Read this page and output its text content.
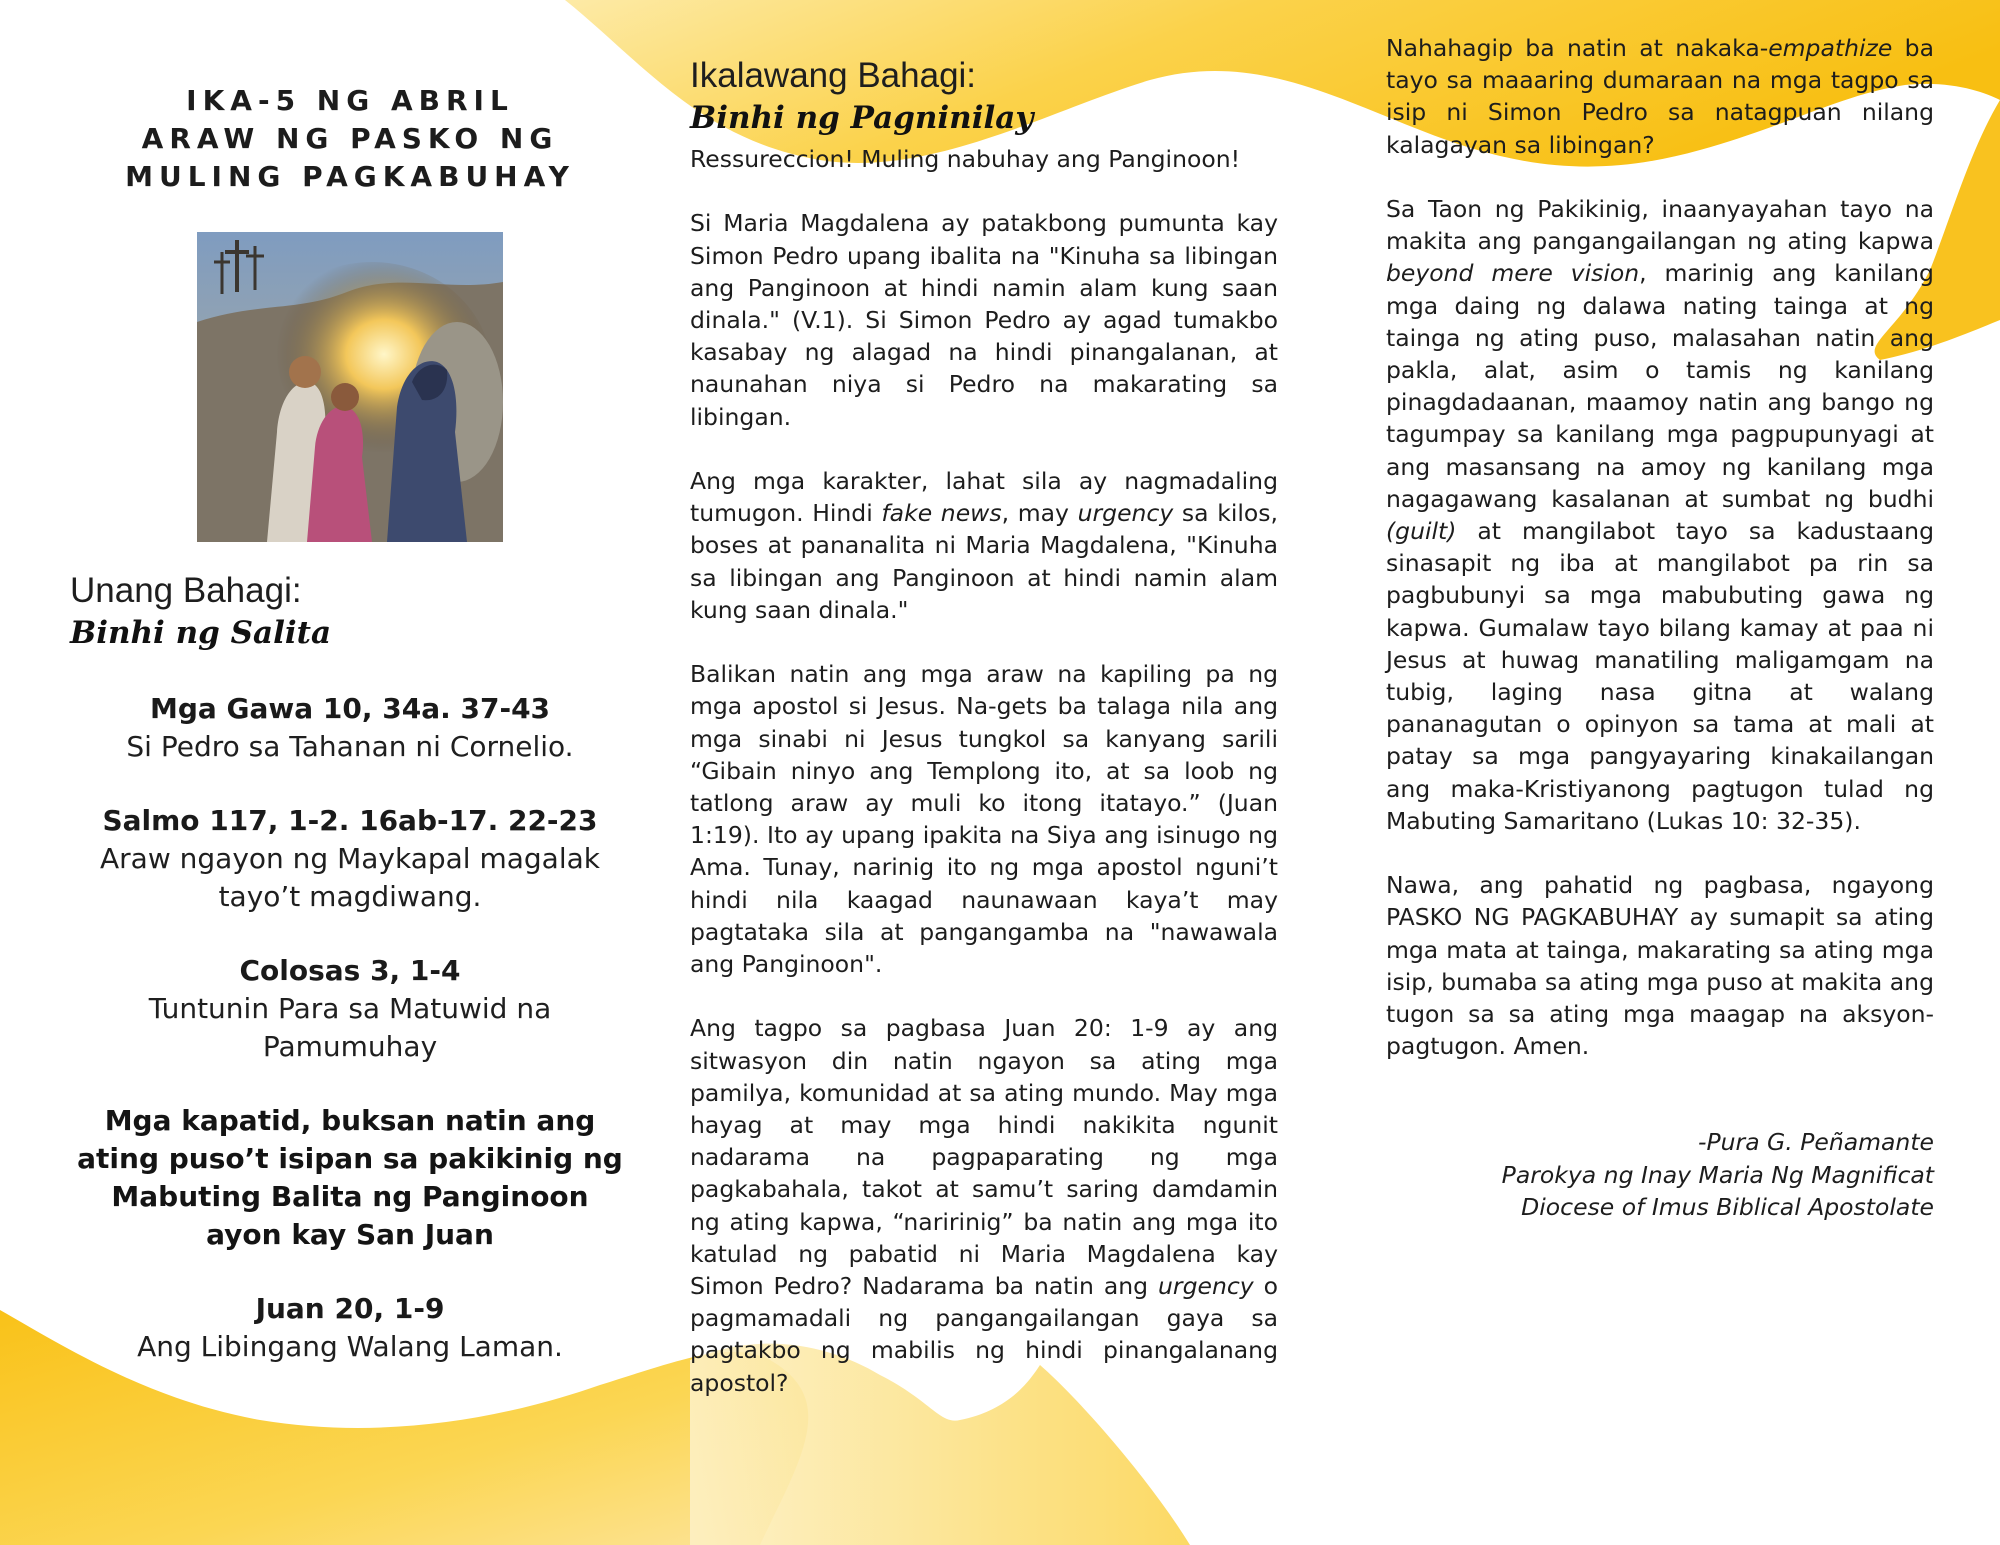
IKA-5 NG ABRIL
ARAW NG PASKO NG
MULING PAGKABUHAY
Unang Bahagi:
Binhi ng Salita
Mga Gawa 10, 34a. 37-43
Si Pedro sa Tahanan ni Cornelio.
Salmo 117, 1-2. 16ab-17. 22-23
Araw ngayon ng Maykapal magalak tayo’t magdiwang.
Colosas 3, 1-4
Tuntunin Para sa Matuwid na Pamumuhay
Mga kapatid, buksan natin ang ating puso’t isipan sa pakikinig ng Mabuting Balita ng Panginoon ayon kay San Juan
Juan 20, 1-9
Ang Libingang Walang Laman.
Ikalawang Bahagi:
Binhi ng Pagninilay

Ressureccion! Muling nabuhay ang Panginoon!

Si Maria Magdalena ay patakbong pumunta kay Simon Pedro upang ibalita na "Kinuha sa libingan ang Panginoon at hindi namin alam kung saan dinala." (V.1). Si Simon Pedro ay agad tumakbo kasabay ng alagad na hindi pinangalanan, at naunahan niya si Pedro na makarating sa libingan.

Ang mga karakter, lahat sila ay nagmadaling tumugon. Hindi fake news, may urgency sa kilos, boses at pananalita ni Maria Magdalena, "Kinuha sa libingan ang Panginoon at hindi namin alam kung saan dinala."

Balikan natin ang mga araw na kapiling pa ng mga apostol si Jesus. Na-gets ba talaga nila ang mga sinabi ni Jesus tungkol sa kanyang sarili “Gibain ninyo ang Templong ito, at sa loob ng tatlong araw ay muli ko itong itatayo.” (Juan 1:19). Ito ay upang ipakita na Siya ang isinugo ng Ama. Tunay, narinig ito ng mga apostol nguni’t hindi nila kaagad naunawaan kaya’t may pagtataka sila at pangangamba na "nawawala ang Panginoon".

Ang tagpo sa pagbasa Juan 20: 1-9 ay ang sitwasyon din natin ngayon sa ating mga pamilya, komunidad at sa ating mundo. May mga hayag at may mga hindi nakikita ngunit nadarama na pagpaparating ng mga pagkabahala, takot at samu’t saring damdamin ng ating kapwa, “naririnig” ba natin ang mga ito katulad ng pabatid ni Maria Magdalena kay Simon Pedro? Nadarama ba natin ang urgency o pagmamadali ng pangangailangan gaya sa pagtakbo ng mabilis ng hindi pinangalanang apostol?

Nahahagip ba natin at nakaka-empathize ba tayo sa maaaring dumaraan na mga tagpo sa isip ni Simon Pedro sa natagpuan nilang kalagayan sa libingan?

Sa Taon ng Pakikinig, inaanyayahan tayo na makita ang pangangailangan ng ating kapwa beyond mere vision, marinig ang kanilang mga daing ng dalawa nating tainga at ng tainga ng ating puso, malasahan natin ang pakla, alat, asim o tamis ng kanilang pinagdadaanan, maamoy natin ang bango ng tagumpay sa kanilang mga pagpupunyagi at ang masansang na amoy ng kanilang mga nagagawang kasalanan at sumbat ng budhi (guilt) at mangilabot tayo sa kadustaang sinasapit ng iba at mangilabot pa rin sa pagbubunyi sa mga mabubuting gawa ng kapwa. Gumalaw tayo bilang kamay at paa ni Jesus at huwag manatiling maligamgam na tubig, laging nasa gitna at walang pananagutan o opinyon sa tama at mali at patay sa mga pangyayaring kinakailangan ang maka-Kristiyanong pagtugon tulad ng Mabuting Samaritano (Lukas 10: 32-35).

Nawa, ang pahatid ng pagbasa, ngayong PASKO NG PAGKABUHAY ay sumapit sa ating mga mata at tainga, makarating sa ating mga isip, bumaba sa ating mga puso at makita ang tugon sa sa ating mga maagap na aksyon-pagtugon. Amen.

-Pura G. Peñamante
Parokya ng Inay Maria Ng Magnificat
Diocese of Imus Biblical Apostolate
